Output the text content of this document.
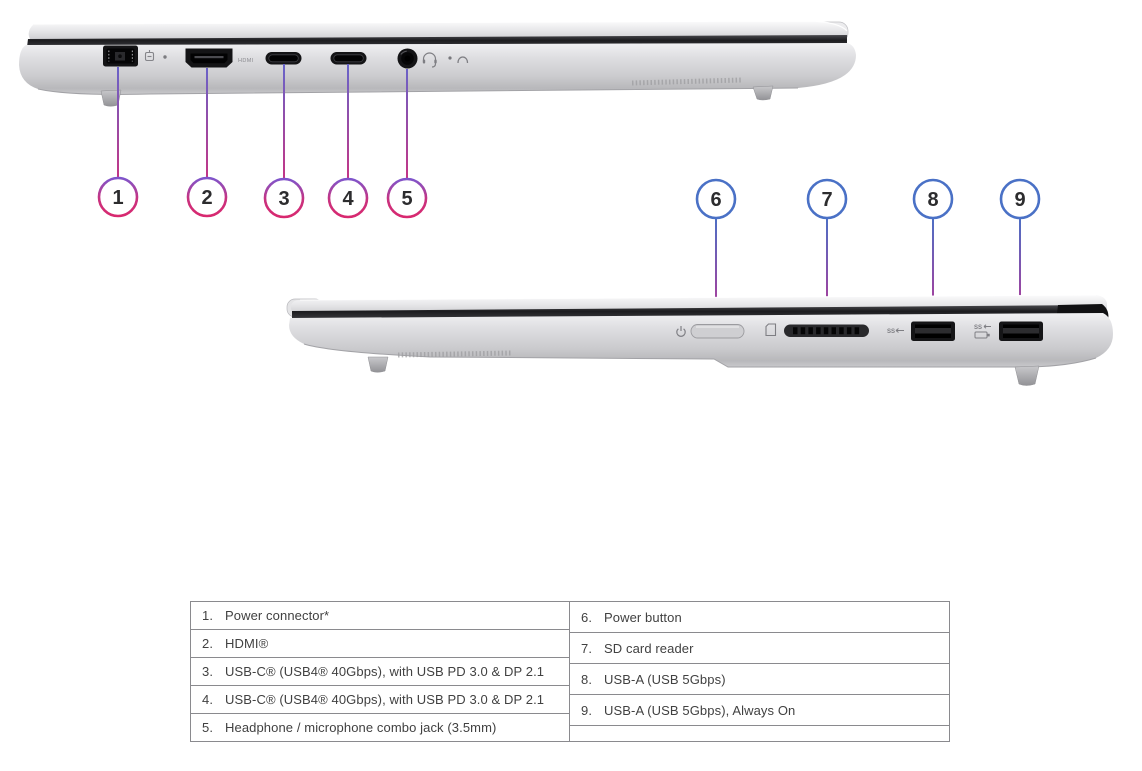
HDMI
1	2	3	4 5	6	7	8	9
SS
SS
1. Power connector*
2. HDMI®
3. USB-C® (USB4® 40Gbps), with USB PD 3.0 & DP 2.1
4. USB-C® (USB4® 40Gbps), with USB PD 3.0 & DP 2.1
5. Headphone / microphone combo jack (3.5mm)
6. Power button
7. SD card reader
8. USB-A (USB 5Gbps)
9. USB-A (USB 5Gbps), Always On
